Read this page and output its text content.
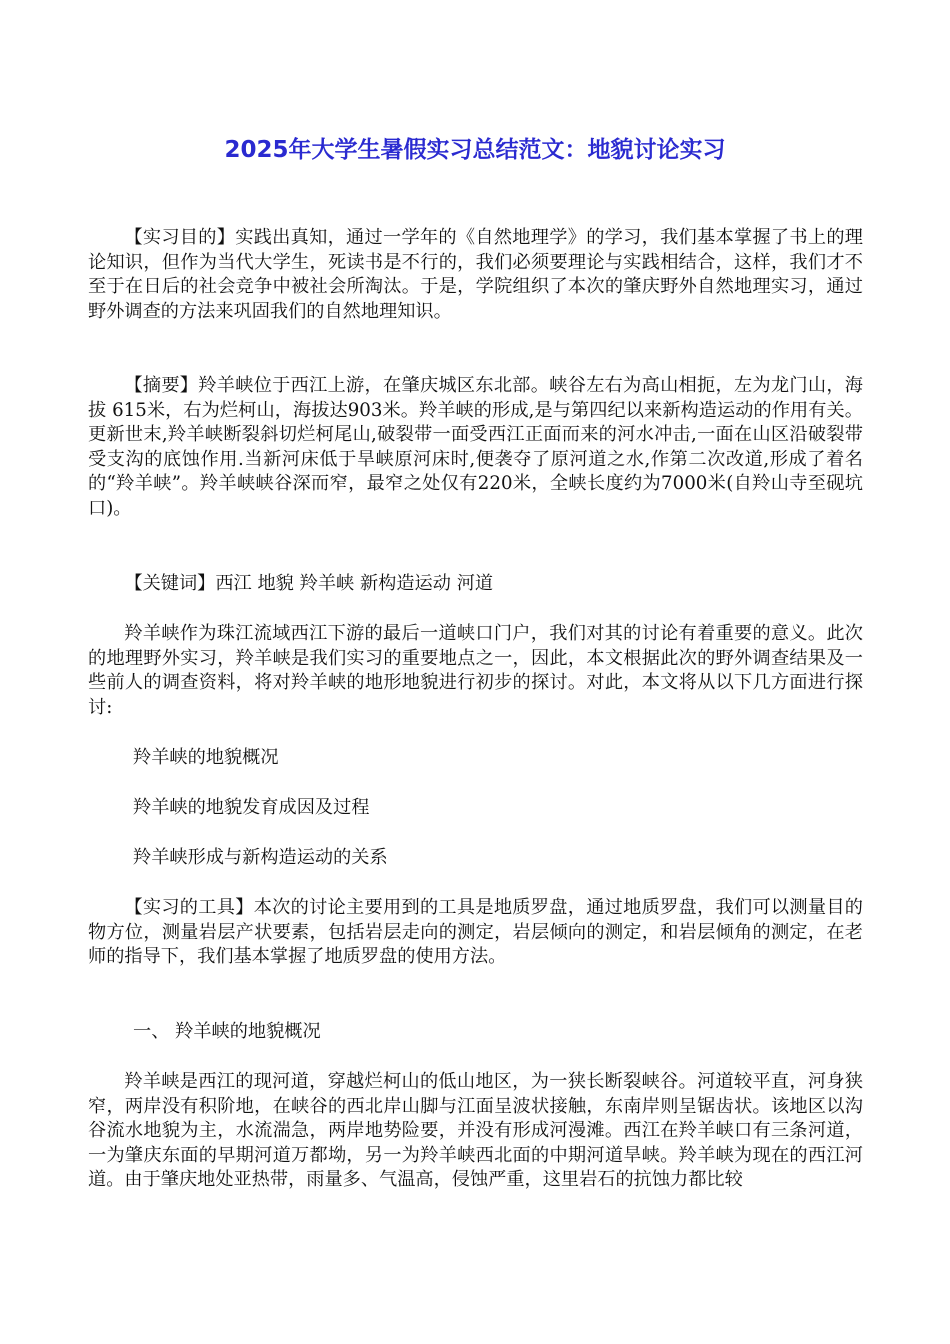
2025年大学生暑假实习总结范文：地貌讨论实习

【实习目的】实践出真知，通过一学年的《自然地理学》的学习，我们基本掌握了书上的理论知识，但作为当代大学生，死读书是不行的，我们必须要理论与实践相结合，这样，我们才不至于在日后的社会竞争中被社会所淘汰。于是，学院组织了本次的肇庆野外自然地理实习，通过野外调查的方法来巩固我们的自然地理知识。

【摘要】羚羊峡位于西江上游，在肇庆城区东北部。峡谷左右为高山相扼，左为龙门山，海拔 615米，右为烂柯山，海拔达903米。羚羊峡的形成,是与第四纪以来新构造运动的作用有关。更新世末,羚羊峡断裂斜切烂柯尾山,破裂带一面受西江正面而来的河水冲击,一面在山区沿破裂带受支沟的底蚀作用.当新河床低于旱峡原河床时,便袭夺了原河道之水,作第二次改道,形成了着名的“羚羊峡”。羚羊峡峡谷深而窄，最窄之处仅有220米，全峡长度约为7000米(自羚山寺至砚坑口)。

【关键词】西江 地貌 羚羊峡 新构造运动 河道

羚羊峡作为珠江流域西江下游的最后一道峡口门户，我们对其的讨论有着重要的意义。此次的地理野外实习，羚羊峡是我们实习的重要地点之一，因此，本文根据此次的野外调查结果及一些前人的调查资料，将对羚羊峡的地形地貌进行初步的探讨。对此，本文将从以下几方面进行探讨:

羚羊峡的地貌概况

羚羊峡的地貌发育成因及过程

羚羊峡形成与新构造运动的关系

【实习的工具】本次的讨论主要用到的工具是地质罗盘，通过地质罗盘，我们可以测量目的物方位，测量岩层产状要素，包括岩层走向的测定，岩层倾向的测定，和岩层倾角的测定，在老师的指导下，我们基本掌握了地质罗盘的使用方法。

一、 羚羊峡的地貌概况

羚羊峡是西江的现河道，穿越烂柯山的低山地区，为一狭长断裂峡谷。河道较平直，河身狭窄，两岸没有积阶地，在峡谷的西北岸山脚与江面呈波状接触，东南岸则呈锯齿状。该地区以沟谷流水地貌为主，水流湍急，两岸地势险要，并没有形成河漫滩。西江在羚羊峡口有三条河道，一为肇庆东面的早期河道万都坳，另一为羚羊峡西北面的中期河道旱峡。羚羊峡为现在的西江河道。由于肇庆地处亚热带，雨量多、气温高，侵蚀严重，这里岩石的抗蚀力都比较
